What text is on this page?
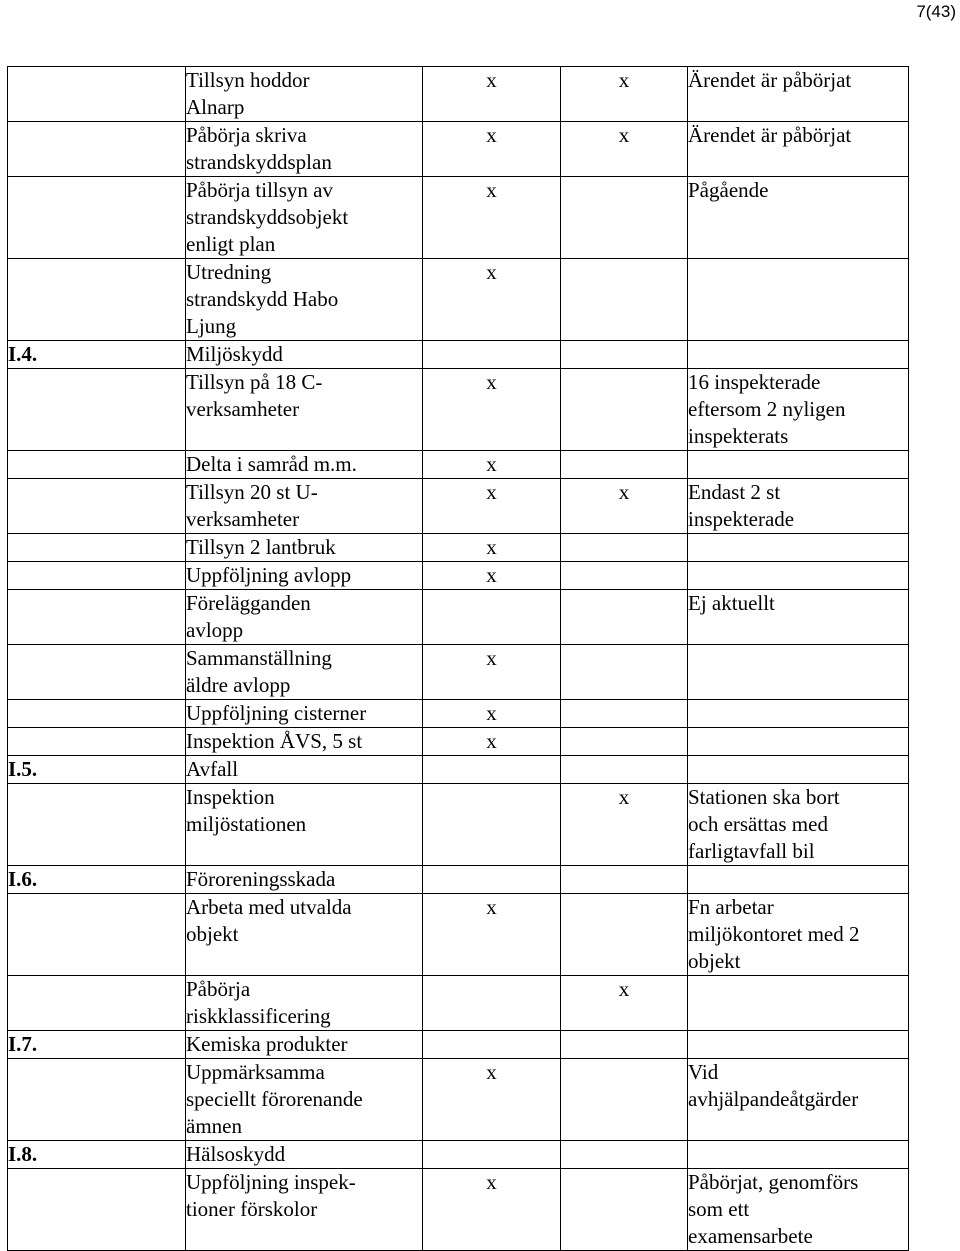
7(43)

	Tillsyn hoddor
Alnarp	x	x	Ärendet är påbörjat

	Påbörja skriva
strandskyddsplan	x	x	Ärendet är påbörjat

	Påbörja tillsyn av
strandskyddsobjekt
enligt plan	x		Pågående

	Utredning
strandskydd Habo
Ljung	x		
I.4.	Miljöskydd			

	Tillsyn på 18 C-
verksamheter	x		16 inspekterade
eftersom 2 nyligen
inspekterats

	Delta i samråd m.m.	x		

	Tillsyn 20 st U-
verksamheter	x	x	Endast 2 st
inspekterade

	Tillsyn 2 lantbruk	x		

	Uppföljning avlopp	x		

	Förelägganden
avlopp			Ej aktuellt

	Sammanställning
äldre avlopp	x		

	Uppföljning cisterner	x		

	Inspektion ÅVS, 5 st	x		
I.5.	Avfall			

	Inspektion
miljöstationen		x	Stationen ska bort
och ersättas med
farligtavfall bil

I.6.	Föroreningsskada			

	Arbeta med utvalda
objekt	x		Fn arbetar
miljökontoret med 2
objekt

	Påbörja
riskklassificering		x	
I.7.	Kemiska produkter			

	Uppmärksamma
speciellt förorenande
ämnen	x		Vid
avhjälpandeåtgärder

I.8.	Hälsoskydd			

	Uppföljning inspek-
tioner förskolor	x		Påbörjat, genomförs
som ett
examensarbete
